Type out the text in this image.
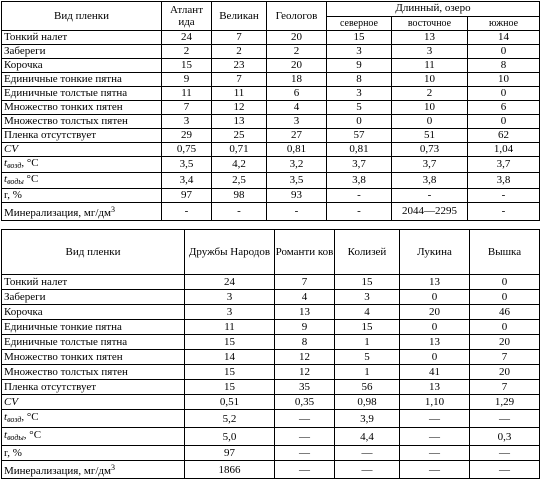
Вид пленки	Атлант ида	Великан	Геологов	Длинный, озеро		
				северное	восточное	южное
Тонкий налет	24	7	20	15	13	14
Забереги	2	2	2	3	3	0
Корочка	15	23	20	9	11	8
Единичные тонкие пятна	9	7	18	8	10	10
Единичные толстые пятна	11	11	6	3	2	0
Множество тонких пятен	7	12	4	5	10	6
Множество толстых пятен	3	13	3	0	0	0
Пленка отсутствует	29	25	27	57	51	62
CV	0,75	0,71	0,81	0,81	0,73	1,04
$t_{возд}$, °С	3,5	4,2	3,2	3,7	3,7	3,7
$t_{воды}$ °С	3,4	2,5	3,5	3,8	3,8	3,8
r, %	97	98	93	-	-	-
Минерализация, $мг/дм^3$	-	-	-	-	2044—2295	-
Вид пленки	Дружбы Народов	Романти ков	Колизей	Лукина	Вышка
Тонкий налет	24	7	15	13	0
Забереги	3	4	3	0	0
Корочка	3	13	4	20	46
Единичные тонкие пятна	11	9	15	0	0
Единичные толстые пятна	15	8	1	13	20
Множество тонких пятен	14	12	5	0	7
Множество толстых пятен	15	12	1	41	20
Пленка отсутствует	15	35	56	13	7
CV	0,51	0,35	0,98	1,10	1,29
$t_{возд}$, °С	5,2	—	3,9	—	—
$t_{воды}$, °С	5,0	—	4,4	—	0,3
r, %	97	—	—	—	—
Минерализация, $мг/дм^3$	1866	—	—	—	—
